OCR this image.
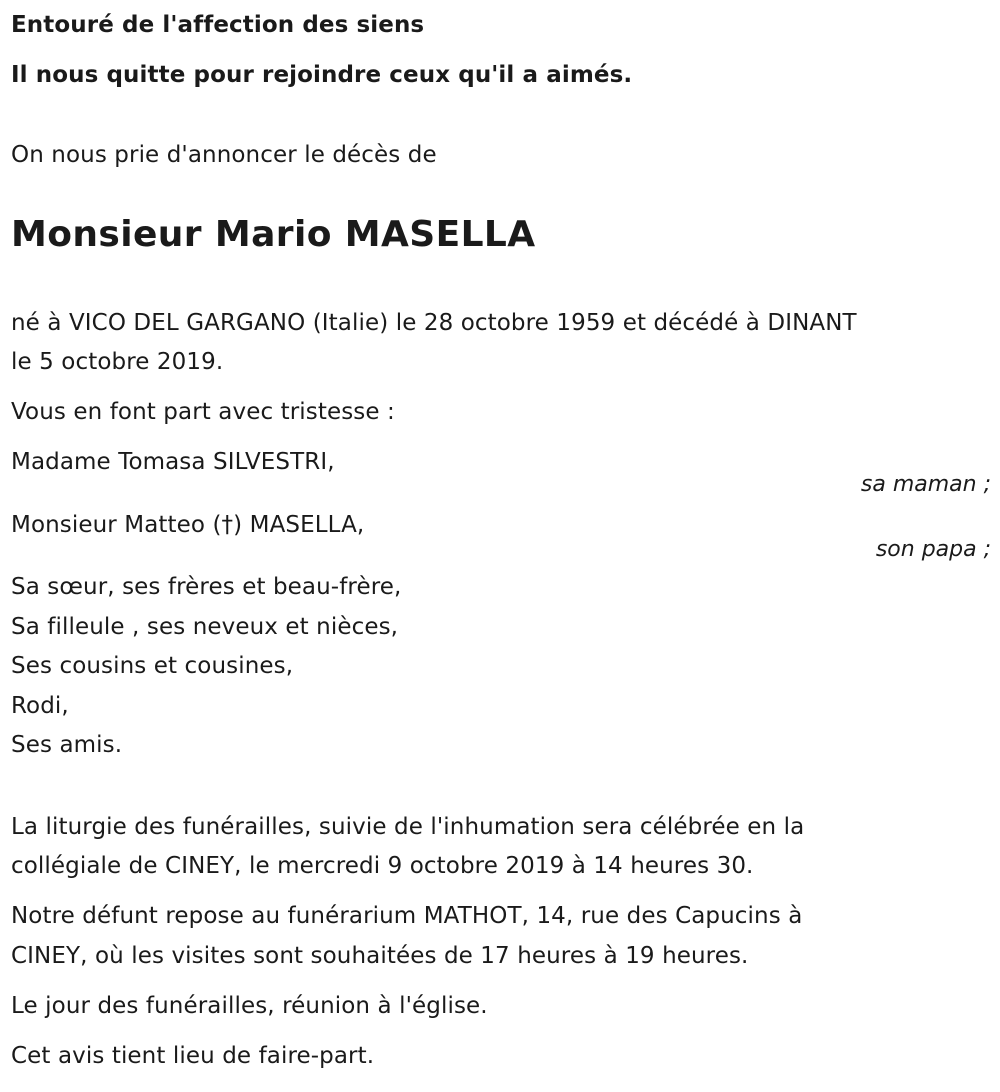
Entouré de l'affection des siens
Il nous quitte pour rejoindre ceux qu'il a aimés.
On nous prie d'annoncer le décès de
Monsieur Mario MASELLA
né à VICO DEL GARGANO (Italie) le 28 octobre 1959 et décédé à DINANT
le 5 octobre 2019.
Vous en font part avec tristesse :
Madame Tomasa SILVESTRI,
sa maman ;
Monsieur Matteo (†) MASELLA,
son papa ;
Sa sœur, ses frères et beau-frère,
Sa filleule , ses neveux et nièces,
Ses cousins et cousines,
Rodi,
Ses amis.
La liturgie des funérailles, suivie de l'inhumation sera célébrée en la
collégiale de CINEY, le mercredi 9 octobre 2019 à 14 heures 30.
Notre défunt repose au funérarium MATHOT, 14, rue des Capucins à
CINEY, où les visites sont souhaitées de 17 heures à 19 heures.
Le jour des funérailles, réunion à l'église.
Cet avis tient lieu de faire-part.
